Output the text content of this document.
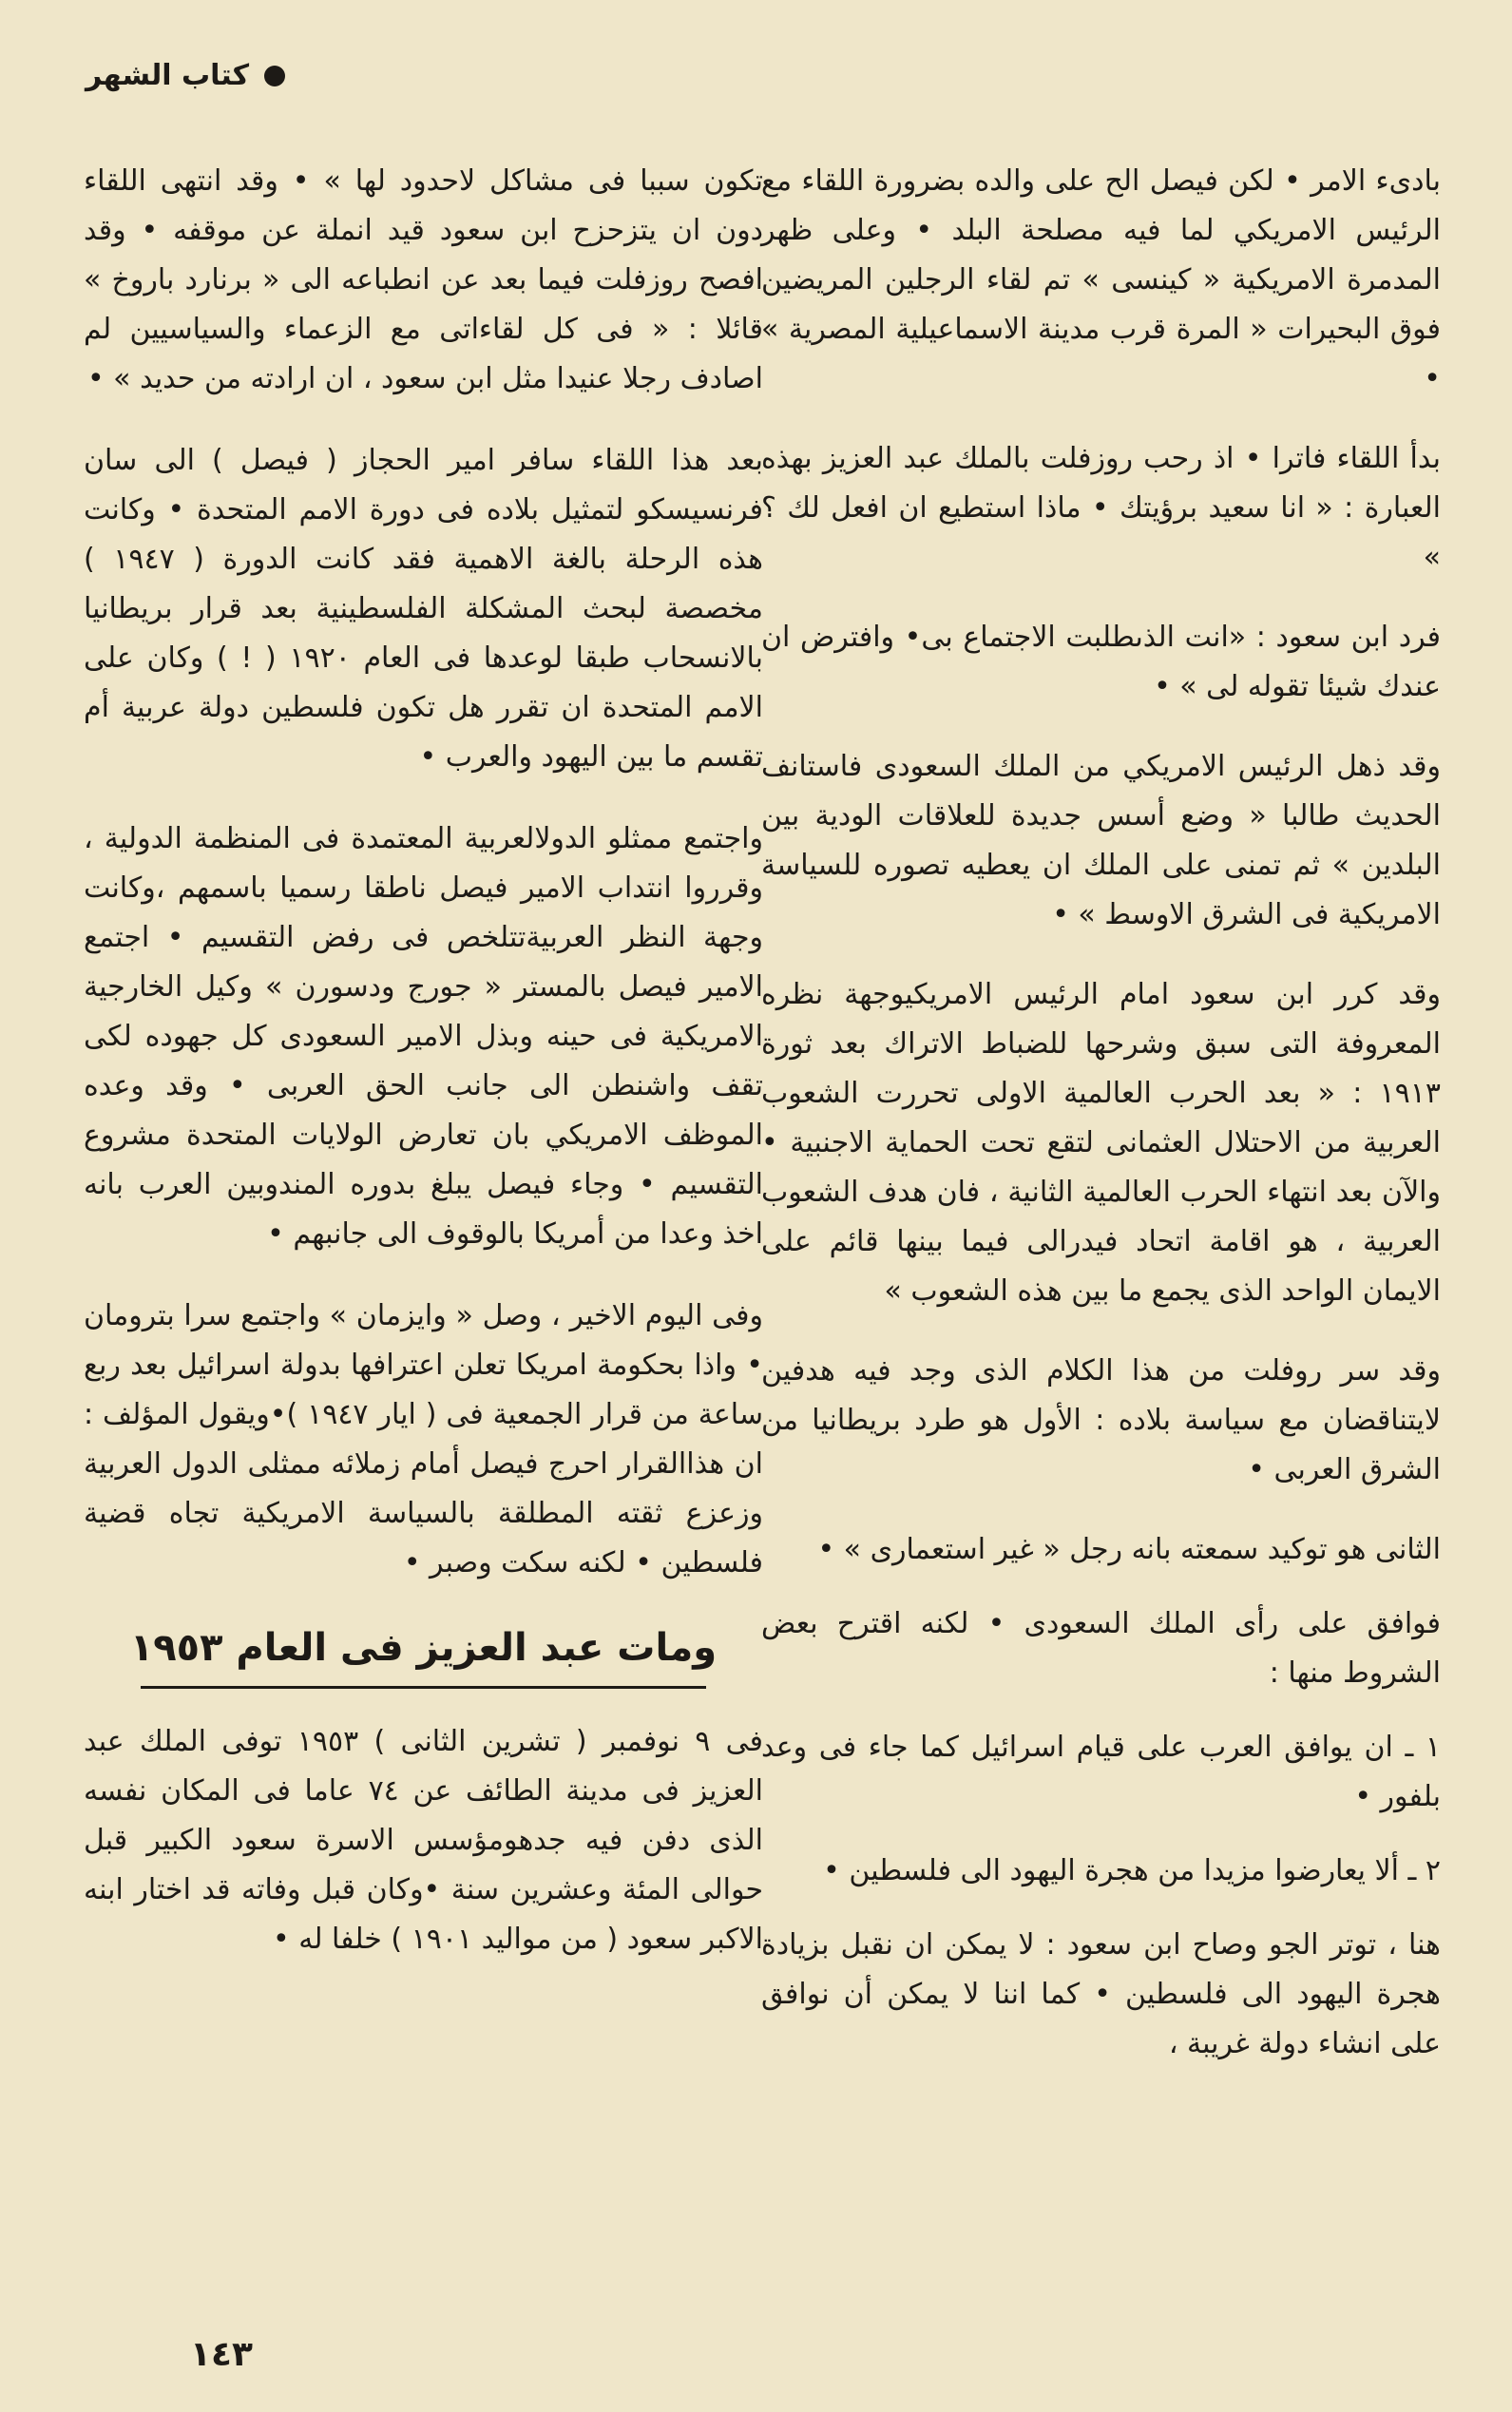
كتاب الشهر

بادىء الامر • لكن فيصل الح على والده بضرورة اللقاء مع الرئيس الامريكي لما فيه مصلحة البلد • وعلى ظهر المدمرة الامريكية « كينسى » تم لقاء الرجلين المريضين فوق البحيرات « المرة قرب مدينة الاسماعيلية المصرية » •

بدأ اللقاء فاترا • اذ رحب روزفلت بالملك عبد العزيز بهذه العبارة : « انا سعيد برؤيتك • ماذا استطيع ان افعل لك ؟ »

فرد ابن سعود : «انت الذىطلبت الاجتماع بى• وافترض ان عندك شيئا تقوله لى » •

وقد ذهل الرئيس الامريكي من الملك السعودى فاستانف الحديث طالبا « وضع أسس جديدة للعلاقات الودية بين البلدين » ثم تمنى على الملك ان يعطيه تصوره للسياسة الامريكية فى الشرق الاوسط » •

وقد كرر ابن سعود امام الرئيس الامريكيوجهة نظره المعروفة التى سبق وشرحها للضباط الاتراك بعد ثورة ١٩١٣ : « بعد الحرب العالمية الاولى تحررت الشعوب العربية من الاحتلال العثمانى لتقع تحت الحماية الاجنبية • والآن بعد انتهاء الحرب العالمية الثانية ، فان هدف الشعوب العربية ، هو اقامة اتحاد فيدرالى فيما بينها قائم على الايمان الواحد الذى يجمع ما بين هذه الشعوب »

وقد سر روفلت من هذا الكلام الذى وجد فيه هدفين لايتناقضان مع سياسة بلاده : الأول هو طرد بريطانيا من الشرق العربى •

الثانى هو توكيد سمعته بانه رجل « غير استعمارى » •

فوافق على رأى الملك السعودى • لكنه اقترح بعض الشروط منها :

١ ـ ان يوافق العرب على قيام اسرائيل كما جاء فى وعد بلفور •

٢ ـ ألا يعارضوا مزيدا من هجرة اليهود الى فلسطين •

هنا ، توتر الجو وصاح ابن سعود : لا يمكن ان نقبل بزيادة هجرة اليهود الى فلسطين • كما اننا لا يمكن أن نوافق على انشاء دولة غريبة ،

تكون سببا فى مشاكل لاحدود لها » • وقد انتهى اللقاء دون ان يتزحزح ابن سعود قيد انملة عن موقفه • وقد افصح روزفلت فيما بعد عن انطباعه الى « برنارد باروخ » قائلا : « فى كل لقاءاتى مع الزعماء والسياسيين لم اصادف رجلا عنيدا مثل ابن سعود ، ان ارادته من حديد » •

بعد هذا اللقاء سافر امير الحجاز ( فيصل ) الى سان فرنسيسكو لتمثيل بلاده فى دورة الامم المتحدة • وكانت هذه الرحلة بالغة الاهمية فقد كانت الدورة ( ١٩٤٧ ) مخصصة لبحث المشكلة الفلسطينية بعد قرار بريطانيا بالانسحاب طبقا لوعدها فى العام ١٩٢٠ ( ! ) وكان على الامم المتحدة ان تقرر هل تكون فلسطين دولة عربية أم تقسم ما بين اليهود والعرب •

واجتمع ممثلو الدولالعربية المعتمدة فى المنظمة الدولية ، وقرروا انتداب الامير فيصل ناطقا رسميا باسمهم ،وكانت وجهة النظر العربيةتتلخص فى رفض التقسيم • اجتمع الامير فيصل بالمستر « جورج ودسورن » وكيل الخارجية الامريكية فى حينه وبذل الامير السعودى كل جهوده لكى تقف واشنطن الى جانب الحق العربى • وقد وعده الموظف الامريكي بان تعارض الولايات المتحدة مشروع التقسيم • وجاء فيصل يبلغ بدوره المندوبين العرب بانه اخذ وعدا من أمريكا بالوقوف الى جانبهم •

وفى اليوم الاخير ، وصل « وايزمان » واجتمع سرا بترومان • واذا بحكومة امريكا تعلن اعترافها بدولة اسرائيل بعد ربع ساعة من قرار الجمعية فى ( ايار ١٩٤٧ )•ويقول المؤلف : ان هذاالقرار احرج فيصل أمام زملائه ممثلى الدول العربية وزعزع ثقته المطلقة بالسياسة الامريكية تجاه قضية فلسطين • لكنه سكت وصبر •

ومات عبد العزيز فى العام ١٩٥٣

فى ٩ نوفمبر ( تشرين الثانى ) ١٩٥٣ توفى الملك عبد العزيز فى مدينة الطائف عن ٧٤ عاما فى المكان نفسه الذى دفن فيه جدهومؤسس الاسرة سعود الكبير قبل حوالى المئة وعشرين سنة •وكان قبل وفاته قد اختار ابنه الاكبر سعود ( من مواليد ١٩٠١ ) خلفا له •

١٤٣
